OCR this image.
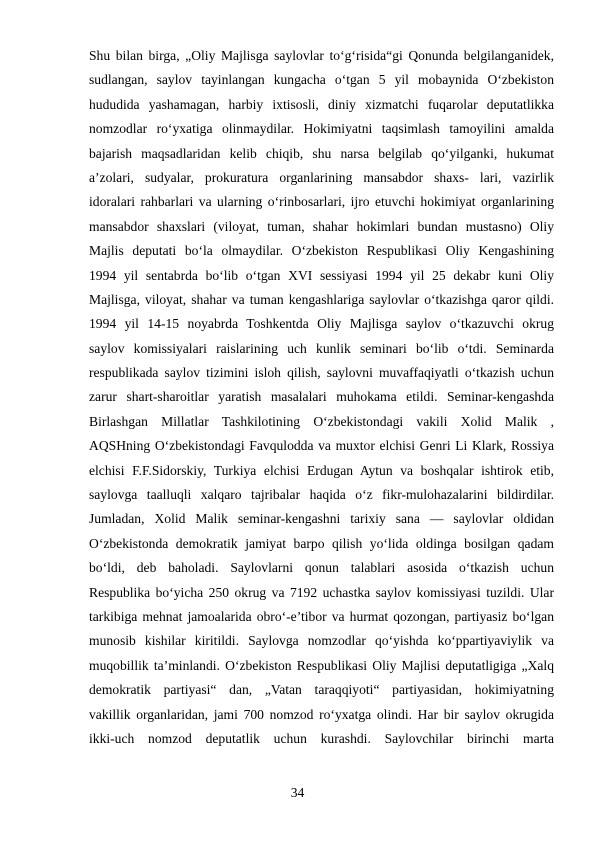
Shu bilan birga, „Oliy Majlisga saylovlar to‘g‘risida“gi Qonunda belgilanganidek,
sudlangan, saylov tayinlangan kungacha o‘tgan 5 yil mobaynida O‘zbekiston
hududida yashamagan, harbiy ixtisosli, diniy xizmatchi fuqarolar deputatlikka
nomzodlar ro‘yxatiga olinmaydilar. Hokimiyatni taqsimlash tamoyilini amalda
bajarish maqsadlaridan kelib chiqib, shu narsa belgilab qo‘yilganki, hukumat
a’zolari, sudyalar, prokuratura organlarining mansabdor shaxs- lari, vazirlik
idoralari rahbarlari va ularning o‘rinbosarlari, ijro etuvchi hokimiyat organlarining
mansabdor shaxslari (viloyat, tuman, shahar hokimlari bundan mustasno) Oliy
Majlis deputati bo‘la olmaydilar. O‘zbekiston Respublikasi Oliy Kengashining
1994 yil sentabrda bo‘lib o‘tgan XVI sessiyasi 1994 yil 25 dekabr kuni Oliy
Majlisga, viloyat, shahar va tuman kengashlariga saylovlar o‘tkazishga qaror qildi.
1994 yil 14-15 noyabrda Toshkentda Oliy Majlisga saylov o‘tkazuvchi okrug
saylov komissiyalari raislarining uch kunlik seminari bo‘lib o‘tdi. Seminarda
respublikada saylov tizimini isloh qilish, saylovni muvaffaqiyatli o‘tkazish uchun
zarur shart-sharoitlar yaratish masalalari muhokama etildi. Seminar-kengashda
Birlashgan Millatlar Tashkilotining O‘zbekistondagi vakili Xolid Malik ,
AQSHning O‘zbekistondagi Favqulodda va muxtor elchisi Genri Li Klark, Rossiya
elchisi F.F.Sidorskiy, Turkiya elchisi Erdugan Aytun va boshqalar ishtirok etib,
saylovga taalluqli xalqaro tajribalar haqida o‘z fikr-mulohazalarini bildirdilar.
Jumladan, Xolid Malik seminar-kengashni tarixiy sana — saylovlar oldidan
O‘zbekistonda demokratik jamiyat barpo qilish yo‘lida oldinga bosilgan qadam
bo‘ldi, deb baholadi. Saylovlarni qonun talablari asosida o‘tkazish uchun
Respublika bo‘yicha 250 okrug va 7192 uchastka saylov komissiyasi tuzildi. Ular
tarkibiga mehnat jamoalarida obro‘-e’tibor va hurmat qozongan, partiyasiz bo‘lgan
munosib kishilar kiritildi. Saylovga nomzodlar qo‘yishda ko‘ppartiyaviylik va
muqobillik ta’minlandi. O‘zbekiston Respublikasi Oliy Majlisi deputatligiga „Xalq
demokratik partiyasi“ dan, „Vatan taraqqiyoti“ partiyasidan, hokimiyatning
vakillik organlaridan, jami 700 nomzod ro‘yxatga olindi. Har bir saylov okrugida
ikki-uch nomzod deputatlik uchun kurashdi. Saylovchilar birinchi marta
34
